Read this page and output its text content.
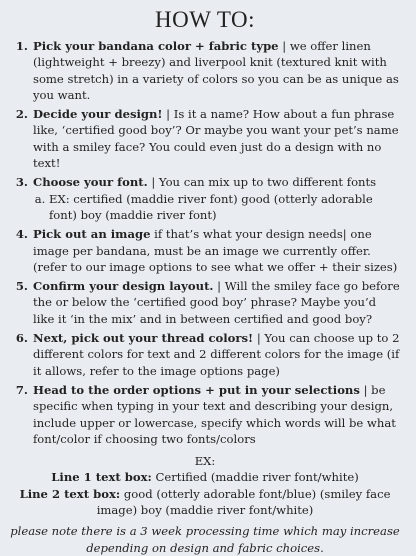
HOW TO:
1. Pick your bandana color + fabric type | we offer linen (lightweight + breezy) and liverpool knit (textured knit with some stretch) in a variety of colors so you can be as unique as you want.
2. Decide your design! | Is it a name? How about a fun phrase like, ‘certified good boy’? Or maybe you want your pet’s name with a smiley face? You could even just do a design with no text!
3. Choose your font. | You can mix up to two different fonts
a. EX: certified (maddie river font) good (otterly adorable font) boy (maddie river font)
4. Pick out an image if that’s what your design needs| one image per bandana, must be an image we currently offer. (refer to our image options to see what we offer + their sizes)
5. Confirm your design layout. | Will the smiley face go before the or below the ‘certified good boy’ phrase? Maybe you’d like it ‘in the mix’ and in between certified and good boy?
6. Next, pick out your thread colors! | You can choose up to 2 different colors for text and 2 different colors for the image (if it allows, refer to the image options page)
7. Head to the order options + put in your selections | be specific when typing in your text and describing your design, include upper or lowercase, specify which words will be what font/color if choosing two fonts/colors
EX:
Line 1 text box: Certified (maddie river font/white)
Line 2 text box: good (otterly adorable font/blue) (smiley face image) boy (maddie river font/white)
please note there is a 3 week processing time which may increase depending on design and fabric choices.
